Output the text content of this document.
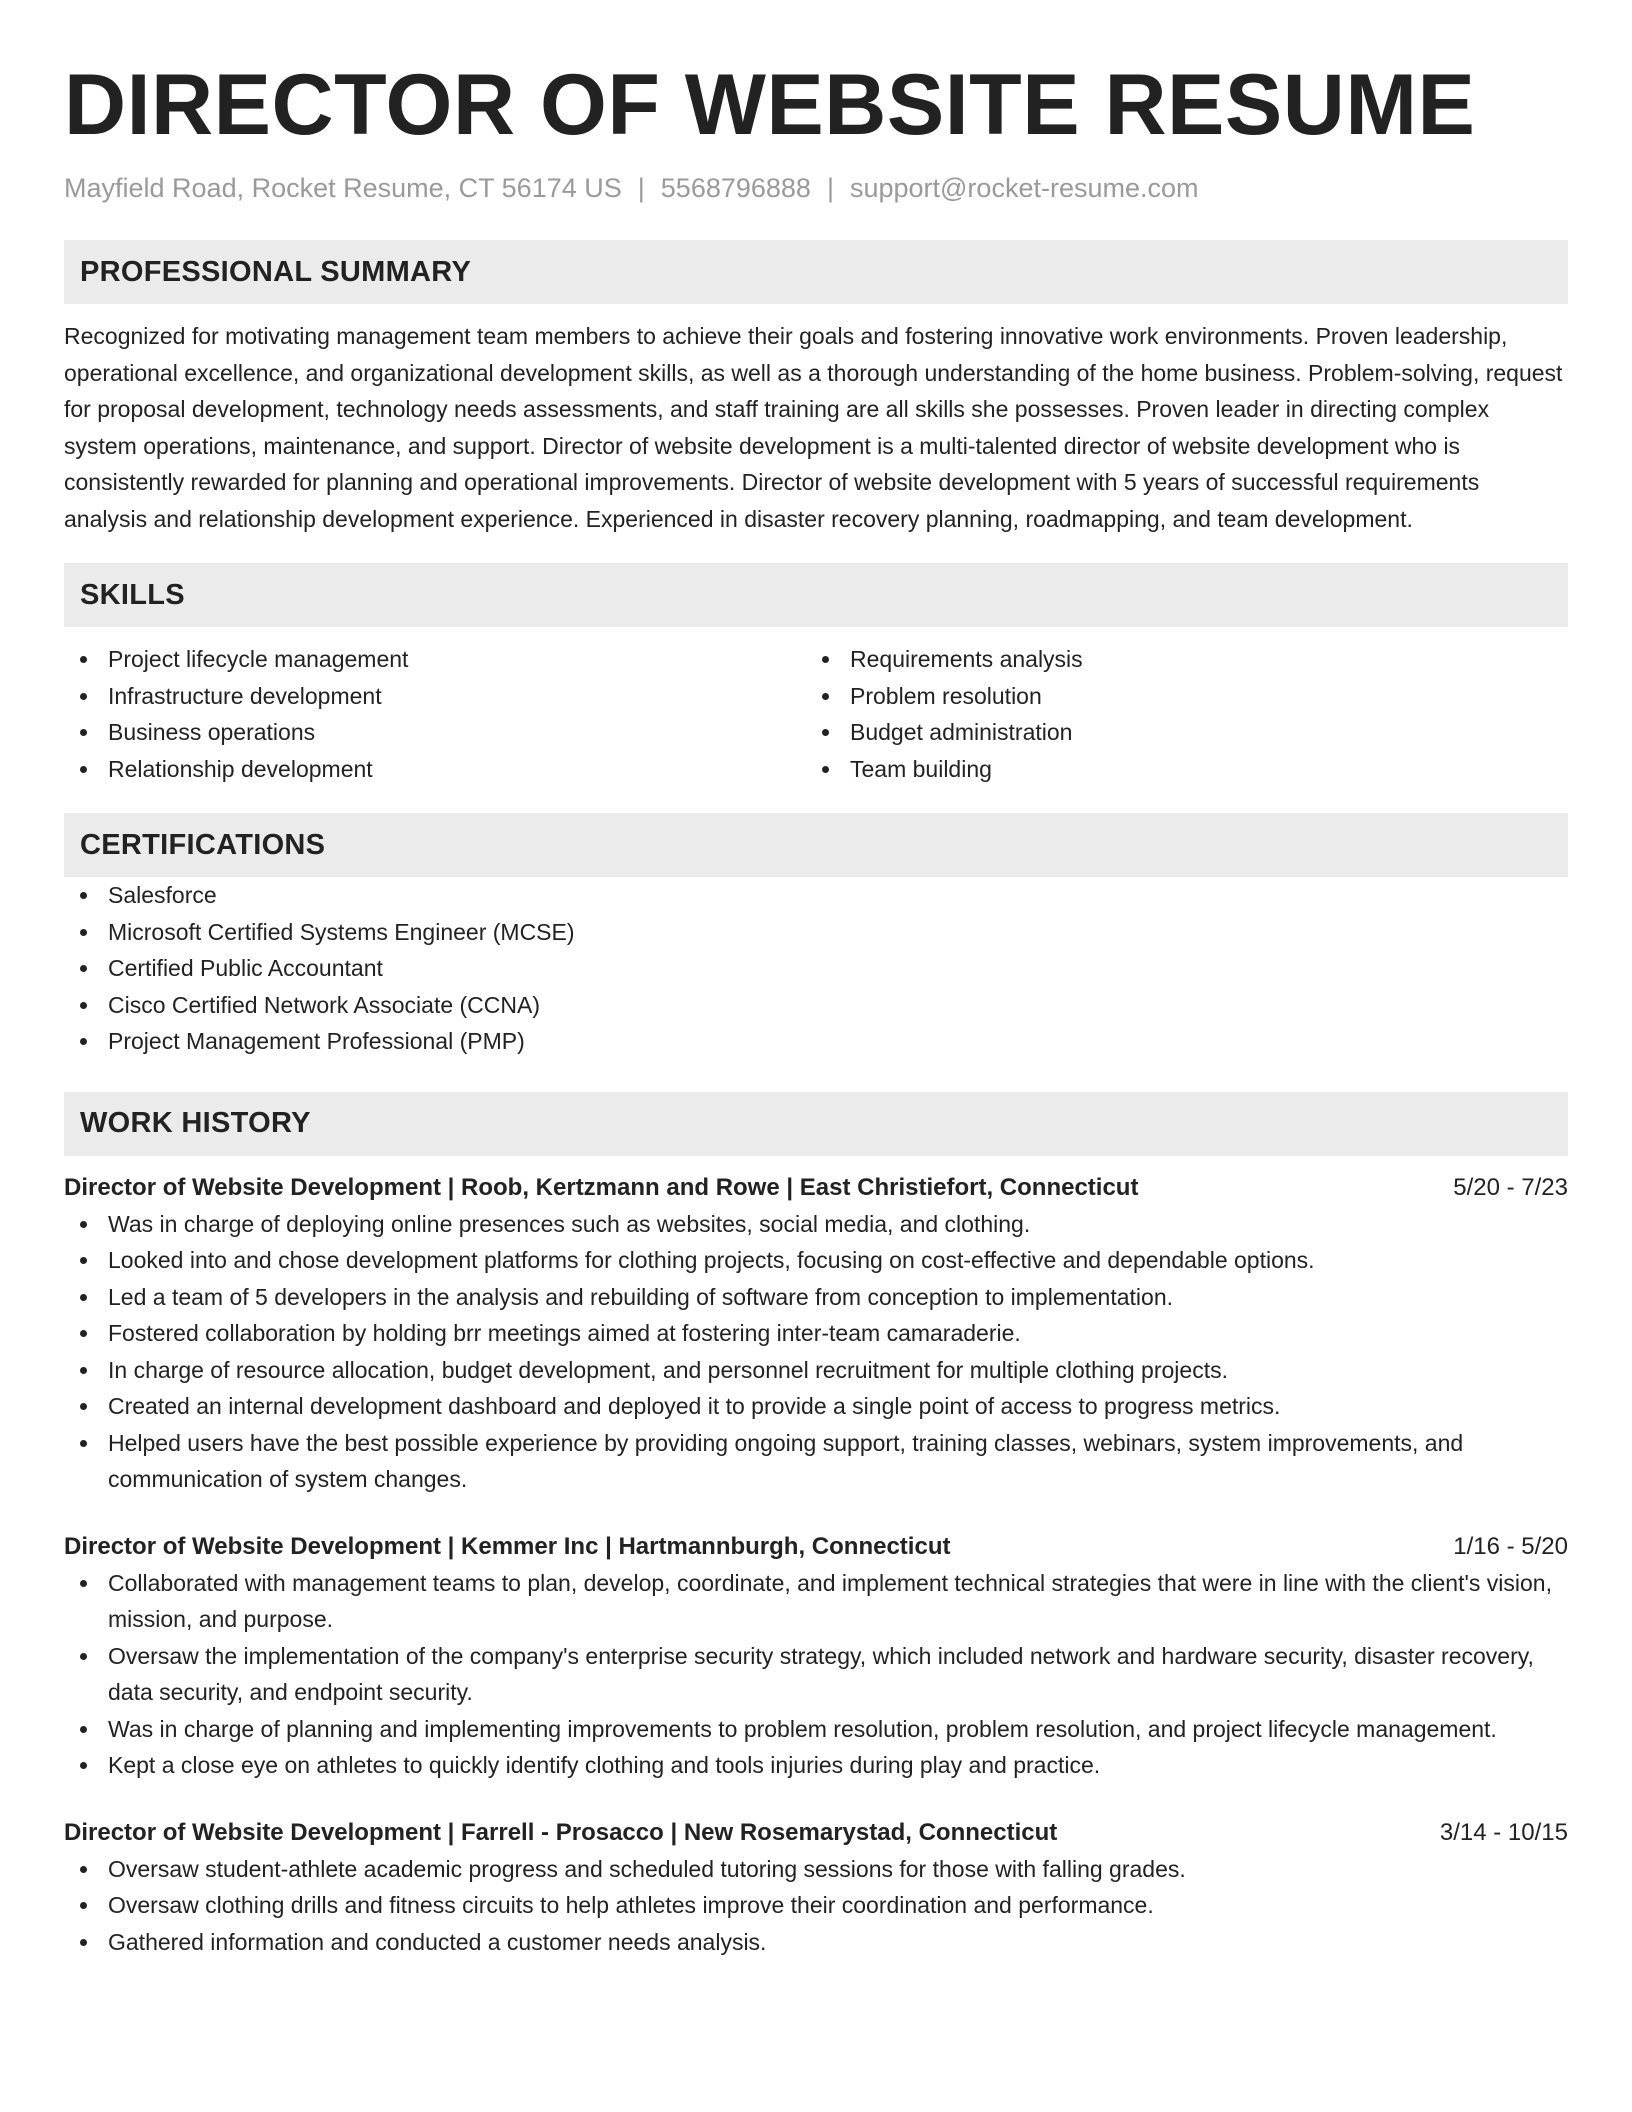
DIRECTOR OF WEBSITE RESUME
Mayfield Road, Rocket Resume, CT 56174 US | 5568796888 | support@rocket-resume.com
PROFESSIONAL SUMMARY
Recognized for motivating management team members to achieve their goals and fostering innovative work environments. Proven leadership, operational excellence, and organizational development skills, as well as a thorough understanding of the home business. Problem-solving, request for proposal development, technology needs assessments, and staff training are all skills she possesses. Proven leader in directing complex system operations, maintenance, and support. Director of website development is a multi-talented director of website development who is consistently rewarded for planning and operational improvements. Director of website development with 5 years of successful requirements analysis and relationship development experience. Experienced in disaster recovery planning, roadmapping, and team development.
SKILLS
Project lifecycle management
Infrastructure development
Business operations
Relationship development
Requirements analysis
Problem resolution
Budget administration
Team building
CERTIFICATIONS
Salesforce
Microsoft Certified Systems Engineer (MCSE)
Certified Public Accountant
Cisco Certified Network Associate (CCNA)
Project Management Professional (PMP)
WORK HISTORY
Director of Website Development | Roob, Kertzmann and Rowe | East Christiefort, Connecticut	5/20 - 7/23
Was in charge of deploying online presences such as websites, social media, and clothing.
Looked into and chose development platforms for clothing projects, focusing on cost-effective and dependable options.
Led a team of 5 developers in the analysis and rebuilding of software from conception to implementation.
Fostered collaboration by holding brr meetings aimed at fostering inter-team camaraderie.
In charge of resource allocation, budget development, and personnel recruitment for multiple clothing projects.
Created an internal development dashboard and deployed it to provide a single point of access to progress metrics.
Helped users have the best possible experience by providing ongoing support, training classes, webinars, system improvements, and communication of system changes.
Director of Website Development | Kemmer Inc | Hartmannburgh, Connecticut	1/16 - 5/20
Collaborated with management teams to plan, develop, coordinate, and implement technical strategies that were in line with the client's vision, mission, and purpose.
Oversaw the implementation of the company's enterprise security strategy, which included network and hardware security, disaster recovery, data security, and endpoint security.
Was in charge of planning and implementing improvements to problem resolution, problem resolution, and project lifecycle management.
Kept a close eye on athletes to quickly identify clothing and tools injuries during play and practice.
Director of Website Development | Farrell - Prosacco | New Rosemarystad, Connecticut	3/14 - 10/15
Oversaw student-athlete academic progress and scheduled tutoring sessions for those with falling grades.
Oversaw clothing drills and fitness circuits to help athletes improve their coordination and performance.
Gathered information and conducted a customer needs analysis.
